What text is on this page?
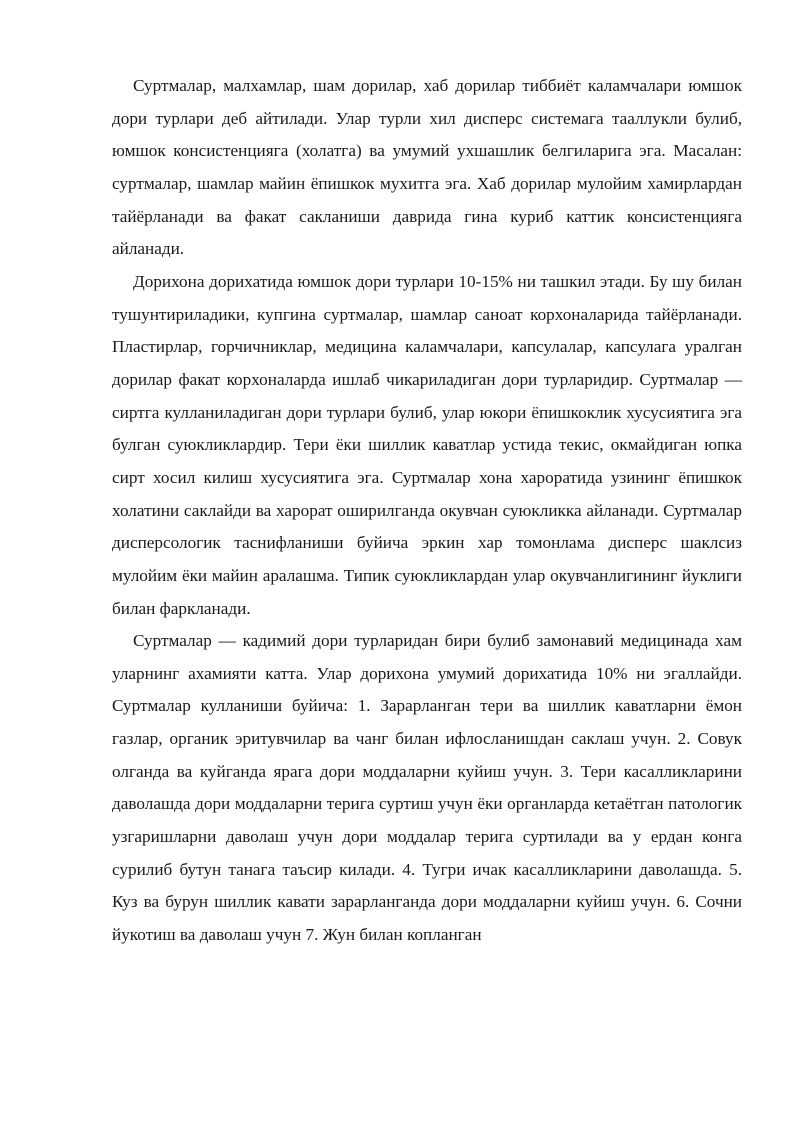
Суртмалар, малхамлар, шам дорилар, хаб дорилар тиббиёт каламчалари юмшок дори турлари деб айтилади. Улар турли хил дисперс системага тааллукли булиб, юмшок консистенцияга (холатга) ва умумий ухшашлик белгиларига эга. Масалан: суртмалар, шамлар майин ёпишкок мухитга эга. Хаб дорилар мулойим хамирлардан тайёрланади ва факат сакланиши даврида гина куриб каттик консистенцияга айланади.

Дорихона дорихатида юмшок дори турлари 10-15% ни ташкил этади. Бу шу билан тушунтириладики, купгина суртмалар, шамлар саноат корхоналарида тайёрланади. Пластирлар, горчичниклар, медицина каламчалари, капсулалар, капсулага уралган дорилар факат корхоналарда ишлаб чикариладиган дори турларидир. Суртмалар — сиртга кулланиладиган дори турлари булиб, улар юкори ёпишкоклик хусусиятига эга булган суюкликлардир. Тери ёки шиллик каватлар устида текис, окмайдиган юпка сирт хосил килиш хусусиятига эга. Суртмалар хона хароратида узининг ёпишкок холатини саклайди ва харорат оширилганда окувчан суюкликка айланади. Суртмалар дисперсологик таснифланиши буйича эркин хар томонлама дисперс шаклсиз мулойим ёки майин аралашма. Типик суюкликлардан улар окувчанлигининг йуклиги билан фаркланади.

Суртмалар — кадимий дори турларидан бири булиб замонавий медицинада хам уларнинг ахамияти катта. Улар дорихона умумий дорихатида 10% ни эгаллайди. Суртмалар кулланиши буйича: 1. Зарарланган тери ва шиллик каватларни ёмон газлар, органик эритувчилар ва чанг билан ифлосланишдан саклаш учун. 2. Совук олганда ва куйганда ярага дори моддаларни куйиш учун. 3. Тери касалликларини даволашда дори моддаларни терига суртиш учун ёки органларда кетаётган патологик узгаришларни даволаш учун дори моддалар терига суртилади ва у ердан конга сурилиб бутун танага таъсир килади. 4. Тугри ичак касалликларини даволашда. 5. Куз ва бурун шиллик кавати зарарланганда дори моддаларни куйиш учун. 6. Сочни йукотиш ва даволаш учун 7. Жун билан копланган
